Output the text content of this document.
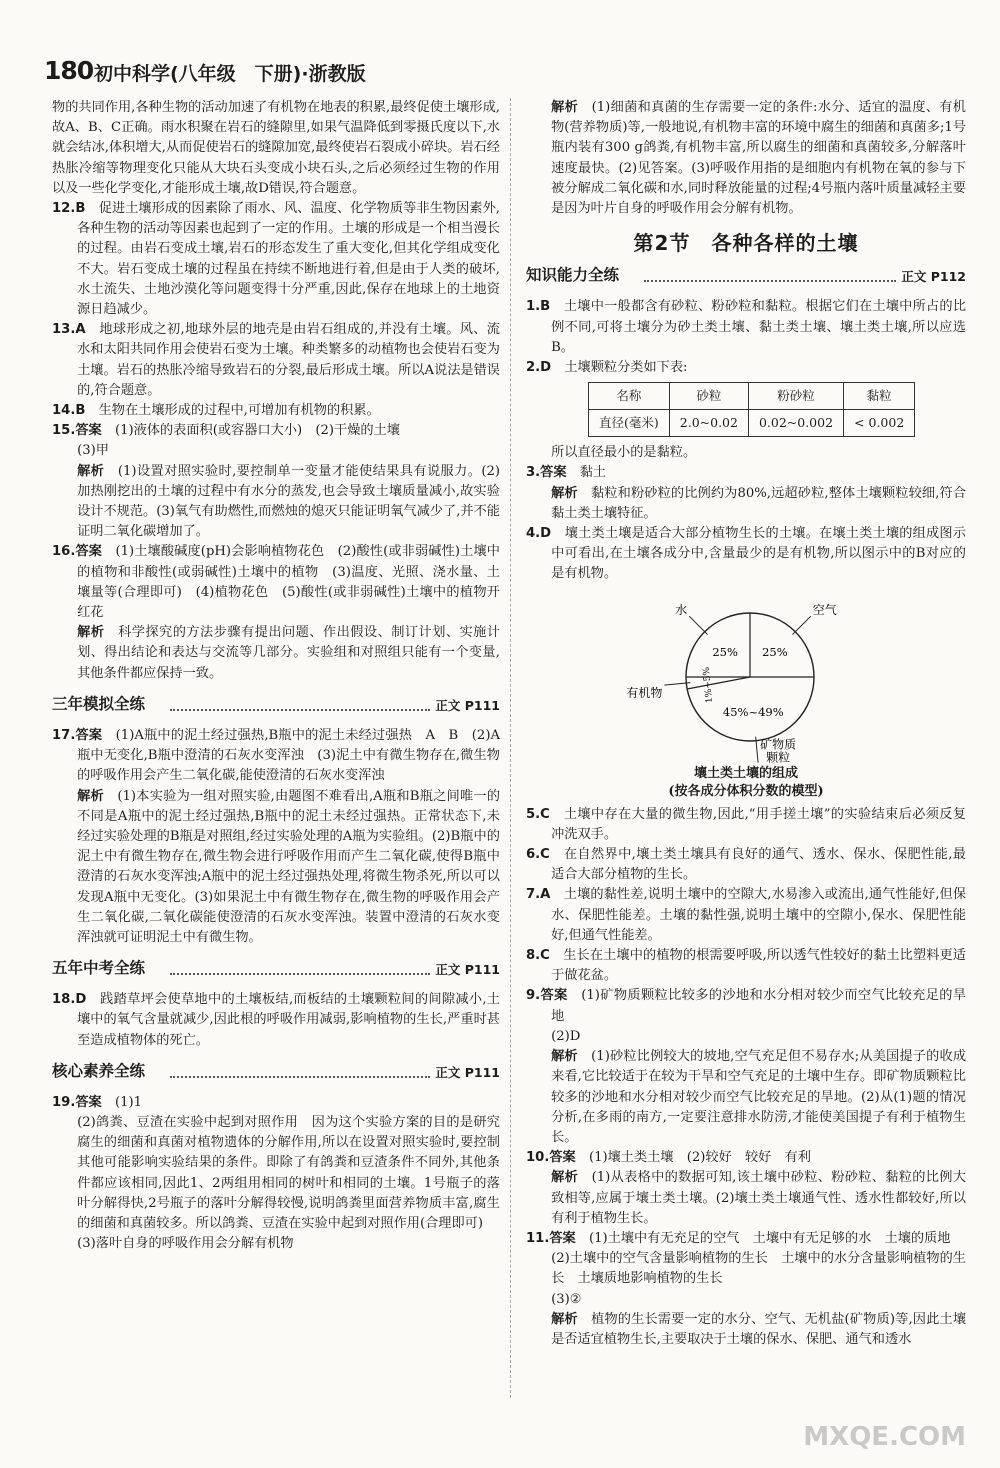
180 初中科学(八年级　下册)·浙教版

物的共同作用,各种生物的活动加速了有机物在地表的积累,最终促使土壤形成,故A、B、C正确。雨水积聚在岩石的缝隙里,如果气温降低到零摄氏度以下,水就会结冰,体积增大,从而促使岩石的缝隙加宽,最终使岩石裂成小碎块。岩石经热胀冷缩等物理变化只能从大块石头变成小块石头,之后必须经过生物的作用以及一些化学变化,才能形成土壤,故D错误,符合题意。

12.B　 促进土壤形成的因素除了雨水、风、温度、化学物质等非生物因素外,各种生物的活动等因素也起到了一定的作用。土壤的形成是一个相当漫长的过程。由岩石变成土壤,岩石的形态发生了重大变化,但其化学组成变化不大。岩石变成土壤的过程虽在持续不断地进行着,但是由于人类的破坏,水土流失、土地沙漠化等问题变得十分严重,因此,保存在地球上的土地资源日趋减少。

13.A　 地球形成之初,地球外层的地壳是由岩石组成的,并没有土壤。风、流水和太阳共同作用会使岩石变为土壤。种类繁多的动植物也会使岩石变为土壤。岩石的热胀冷缩导致岩石的分裂,最后形成土壤。所以A说法是错误的,符合题意。

14.B　 生物在土壤形成的过程中,可增加有机物的积累。

15.答案　 (1)液体的表面积(或容器口大小)　(2)干燥的土壤

(3)甲

解析　 (1)设置对照实验时,要控制单一变量才能使结果具有说服力。(2)加热刚挖出的土壤的过程中有水分的蒸发,也会导致土壤质量减小,故实验设计不规范。(3)氧气有助燃性,而燃烛的熄灭只能证明氧气减少了,并不能证明二氧化碳增加了。

16.答案　 (1)土壤酸碱度(pH)会影响植物花色　(2)酸性(或非弱碱性)土壤中的植物和非酸性(或弱碱性)土壤中的植物　(3)温度、光照、浇水量、土壤量等(合理即可)　(4)植物花色　(5)酸性(或非弱碱性)土壤中的植物开红花

解析　 科学探究的方法步骤有提出问题、作出假设、制订计划、实施计划、得出结论和表达与交流等几部分。实验组和对照组只能有一个变量,其他条件都应保持一致。

三年模拟全练	正文 P111

17.答案　 (1)A瓶中的泥土经过强热,B瓶中的泥土未经过强热　A　B　(2)A瓶中无变化,B瓶中澄清的石灰水变浑浊　(3)泥土中有微生物存在,微生物的呼吸作用会产生二氧化碳,能使澄清的石灰水变浑浊

解析　 (1)本实验为一组对照实验,由题图不难看出,A瓶和B瓶之间唯一的不同是A瓶中的泥土经过强热,B瓶中的泥土未经过强热。正常状态下,未经过实验处理的B瓶是对照组,经过实验处理的A瓶为实验组。(2)B瓶中的泥土中有微生物存在,微生物会进行呼吸作用而产生二氧化碳,使得B瓶中澄清的石灰水变浑浊;A瓶中的泥土经过强热处理,将微生物杀死,所以可以发现A瓶中无变化。(3)如果泥土中有微生物存在,微生物的呼吸作用会产生二氧化碳,二氧化碳能使澄清的石灰水变浑浊。装置中澄清的石灰水变浑浊就可证明泥土中有微生物。

五年中考全练	正文 P111

18.D　 践踏草坪会使草地中的土壤板结,而板结的土壤颗粒间的间隙减小,土壤中的氧气含量就减少,因此根的呼吸作用减弱,影响植物的生长,严重时甚至造成植物体的死亡。

核心素养全练	正文 P111

19.答案　 (1)1

(2)鸽粪、豆渣在实验中起到对照作用　因为这个实验方案的目的是研究腐生的细菌和真菌对植物遗体的分解作用,所以在设置对照实验时,要控制其他可能影响实验结果的条件。即除了有鸽粪和豆渣条件不同外,其他条件都应该相同,因此1、2两组用相同的树叶和相同的土壤。1号瓶子的落叶分解得快,2号瓶子的落叶分解得较慢,说明鸽粪里面营养物质丰富,腐生的细菌和真菌较多。所以鸽粪、豆渣在实验中起到对照作用(合理即可)

(3)落叶自身的呼吸作用会分解有机物

解析　 (1)细菌和真菌的生存需要一定的条件:水分、适宜的温度、有机物(营养物质)等,一般地说,有机物丰富的环境中腐生的细菌和真菌多;1号瓶内装有300 g鸽粪,有机物丰富,所以腐生的细菌和真菌较多,分解落叶速度最快。(2)见答案。(3)呼吸作用指的是细胞内有机物在氧的参与下被分解成二氧化碳和水,同时释放能量的过程;4号瓶内落叶质量减轻主要是因为叶片自身的呼吸作用会分解有机物。

第2节　各种各样的土壤
知识能力全练	正文 P112

1.B　 土壤中一般都含有砂粒、粉砂粒和黏粒。根据它们在土壤中所占的比例不同,可将土壤分为砂土类土壤、黏土类土壤、壤土类土壤,所以应选B。

2.D　 土壤颗粒分类如下表:

名称	砂粒	粉砂粒	黏粒
直径(毫米)	2.0~0.02	0.02~0.002	< 0.002

所以直径最小的是黏粒。

3.答案　 黏土

解析　 黏粒和粉砂粒的比例约为80%,远超砂粒,整体土壤颗粒较细,符合黏土类土壤特征。

4.D　 壤土类土壤是适合大部分植物生长的土壤。在壤土类土壤的组成图示中可看出,在土壤各成分中,含量最少的是有机物,所以图示中的B对应的是有机物。

25%
空气
45%~49%
矿物质颗粒
1%~5%
有机物
25%
水
壤土类土壤的组成
(按各成分体积分数的模型)

5.C　 土壤中存在大量的微生物,因此,“用手搓土壤”的实验结束后必须反复冲洗双手。

6.C　 在自然界中,壤土类土壤具有良好的通气、透水、保水、保肥性能,最适合大部分植物的生长。

7.A　 土壤的黏性差,说明土壤中的空隙大,水易渗入或流出,通气性能好,但保水、保肥性能差。土壤的黏性强,说明土壤中的空隙小,保水、保肥性能好,但通气性能差。

8.C　 生长在土壤中的植物的根需要呼吸,所以透气性较好的黏土比塑料更适于做花盆。

9.答案　 (1)矿物质颗粒比较多的沙地和水分相对较少而空气比较充足的旱地

(2)D

解析　 (1)砂粒比例较大的坡地,空气充足但不易存水;从美国提子的收成来看,它比较适于在较为干旱和空气充足的土壤中生存。即矿物质颗粒比较多的沙地和水分相对较少而空气比较充足的旱地。(2)从(1)题的情况分析,在多雨的南方,一定要注意排水防涝,才能使美国提子有利于植物生长。

10.答案　 (1)壤土类土壤　(2)较好　较好　有利

解析　 (1)从表格中的数据可知,该土壤中砂粒、粉砂粒、黏粒的比例大致相等,应属于壤土类土壤。(2)壤土类土壤通气性、透水性都较好,所以有利于植物生长。

11.答案　 (1)土壤中有无充足的空气　土壤中有无足够的水　土壤的质地

(2)土壤中的空气含量影响植物的生长　土壤中的水分含量影响植物的生长　土壤质地影响植物的生长

(3)②

解析　 植物的生长需要一定的水分、空气、无机盐(矿物质)等,因此土壤是否适宜植物生长,主要取决于土壤的保水、保肥、通气和透水

MXQE.COM
